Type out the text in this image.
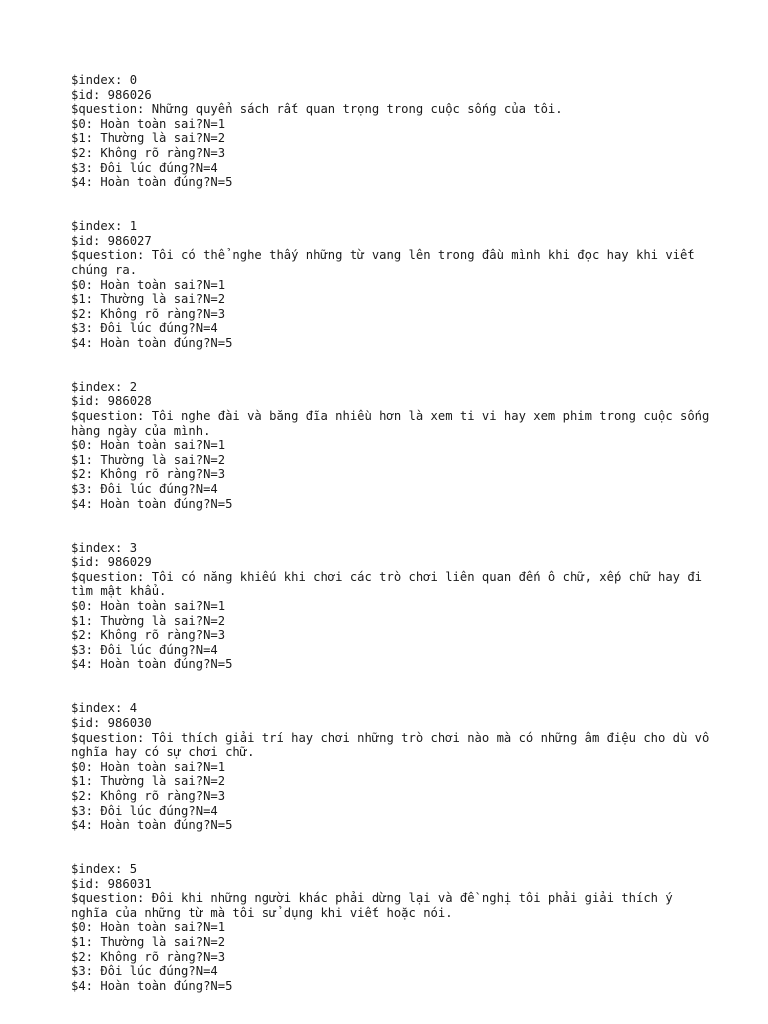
$index: 0
$id: 986026
$question: Những quyển sách rất quan trọng trong cuộc sống của tôi.
$0: Hoàn toàn sai?N=1
$1: Thường là sai?N=2
$2: Không rõ ràng?N=3
$3: Đôi lúc đúng?N=4
$4: Hoàn toàn đúng?N=5
$index: 1
$id: 986027
$question: Tôi có thể nghe thấy những từ vang lên trong đầu mình khi đọc hay khi viết chúng ra.
$0: Hoàn toàn sai?N=1
$1: Thường là sai?N=2
$2: Không rõ ràng?N=3
$3: Đôi lúc đúng?N=4
$4: Hoàn toàn đúng?N=5
$index: 2
$id: 986028
$question: Tôi nghe đài và băng đĩa nhiều hơn là xem ti vi hay xem phim trong cuộc sống hàng ngày của mình.
$0: Hoàn toàn sai?N=1
$1: Thường là sai?N=2
$2: Không rõ ràng?N=3
$3: Đôi lúc đúng?N=4
$4: Hoàn toàn đúng?N=5
$index: 3
$id: 986029
$question: Tôi có năng khiếu khi chơi các trò chơi liên quan đến ô chữ, xếp chữ hay đi tìm mật khẩu.
$0: Hoàn toàn sai?N=1
$1: Thường là sai?N=2
$2: Không rõ ràng?N=3
$3: Đôi lúc đúng?N=4
$4: Hoàn toàn đúng?N=5
$index: 4
$id: 986030
$question: Tôi thích giải trí hay chơi những trò chơi nào mà có những âm điệu cho dù vô nghĩa hay có sự chơi chữ.
$0: Hoàn toàn sai?N=1
$1: Thường là sai?N=2
$2: Không rõ ràng?N=3
$3: Đôi lúc đúng?N=4
$4: Hoàn toàn đúng?N=5
$index: 5
$id: 986031
$question: Đôi khi những người khác phải dừng lại và đề nghị tôi phải giải thích ý nghĩa của những từ mà tôi sử dụng khi viết hoặc nói.
$0: Hoàn toàn sai?N=1
$1: Thường là sai?N=2
$2: Không rõ ràng?N=3
$3: Đôi lúc đúng?N=4
$4: Hoàn toàn đúng?N=5
